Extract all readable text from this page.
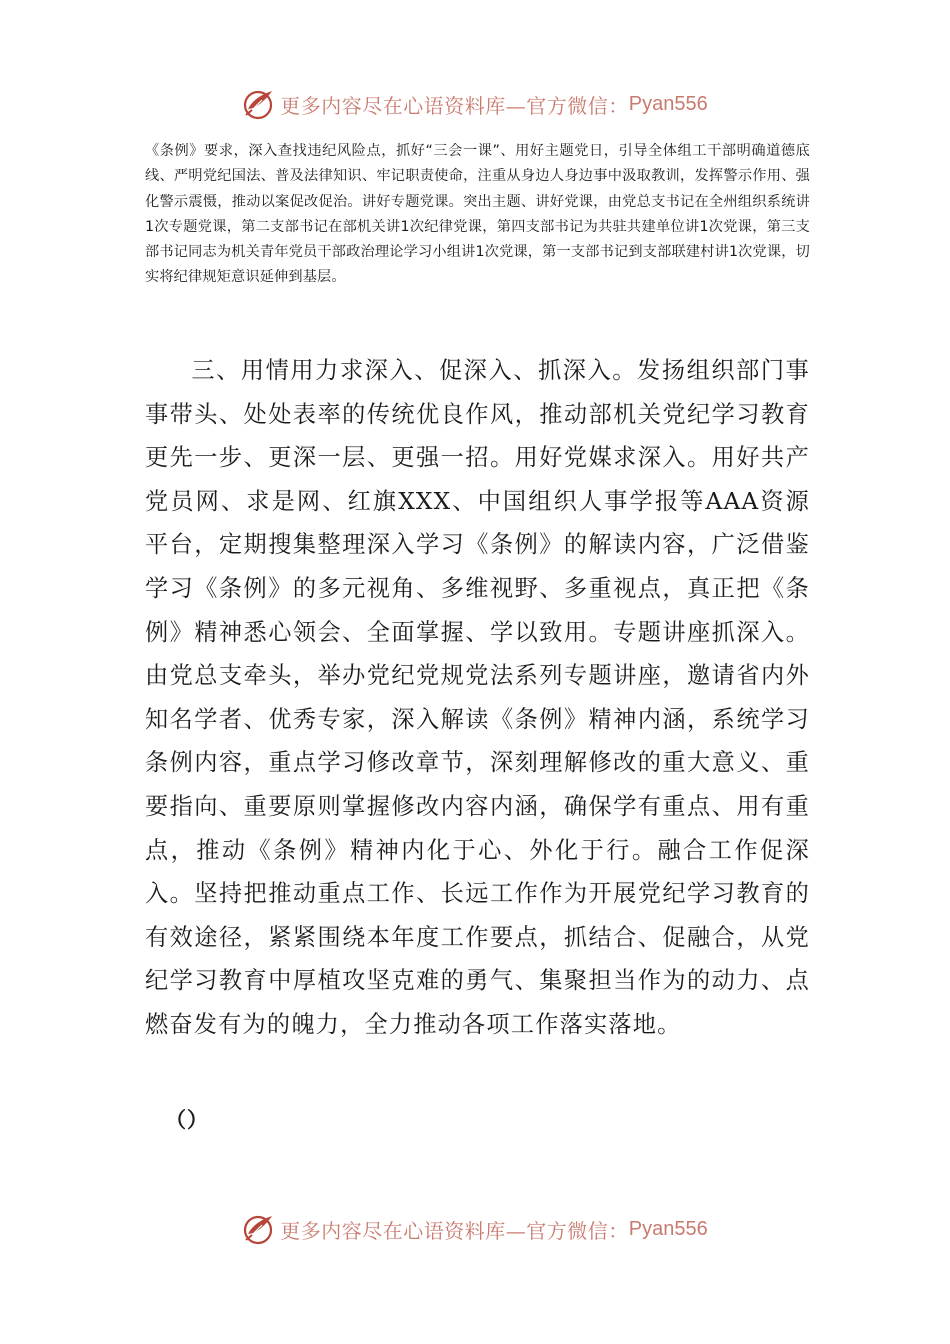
更多内容尽在心语资料库—官方微信： Pyan556
《条例》要求，深入查找违纪风险点，抓好“三会一课”、用好主题党日，引导全体组工干部明确道德底线、严明党纪国法、普及法律知识、牢记职责使命，注重从身边人身边事中汲取教训，发挥警示作用、强化警示震慑，推动以案促改促治。讲好专题党课。突出主题、讲好党课，由党总支书记在全州组织系统讲1次专题党课，第二支部书记在部机关讲1次纪律党课，第四支部书记为共驻共建单位讲1次党课，第三支部书记同志为机关青年党员干部政治理论学习小组讲1次党课，第一支部书记到支部联建村讲1次党课，切实将纪律规矩意识延伸到基层。
三、用情用力求深入、促深入、抓深入。发扬组织部门事事带头、处处表率的传统优良作风，推动部机关党纪学习教育更先一步、更深一层、更强一招。用好党媒求深入。用好共产党员网、求是网、红旗XXX、中国组织人事学报等AAA资源平台，定期搜集整理深入学习《条例》的解读内容，广泛借鉴学习《条例》的多元视角、多维视野、多重视点，真正把《条例》精神悉心领会、全面掌握、学以致用。专题讲座抓深入。由党总支牵头，举办党纪党规党法系列专题讲座，邀请省内外知名学者、优秀专家，深入解读《条例》精神内涵，系统学习条例内容，重点学习修改章节，深刻理解修改的重大意义、重要指向、重要原则掌握修改内容内涵，确保学有重点、用有重点，推动《条例》精神内化于心、外化于行。融合工作促深入。坚持把推动重点工作、长远工作作为开展党纪学习教育的有效途径，紧紧围绕本年度工作要点，抓结合、促融合，从党纪学习教育中厚植攻坚克难的勇气、集聚担当作为的动力、点燃奋发有为的魄力，全力推动各项工作落实落地。
（）
更多内容尽在心语资料库—官方微信： Pyan556
